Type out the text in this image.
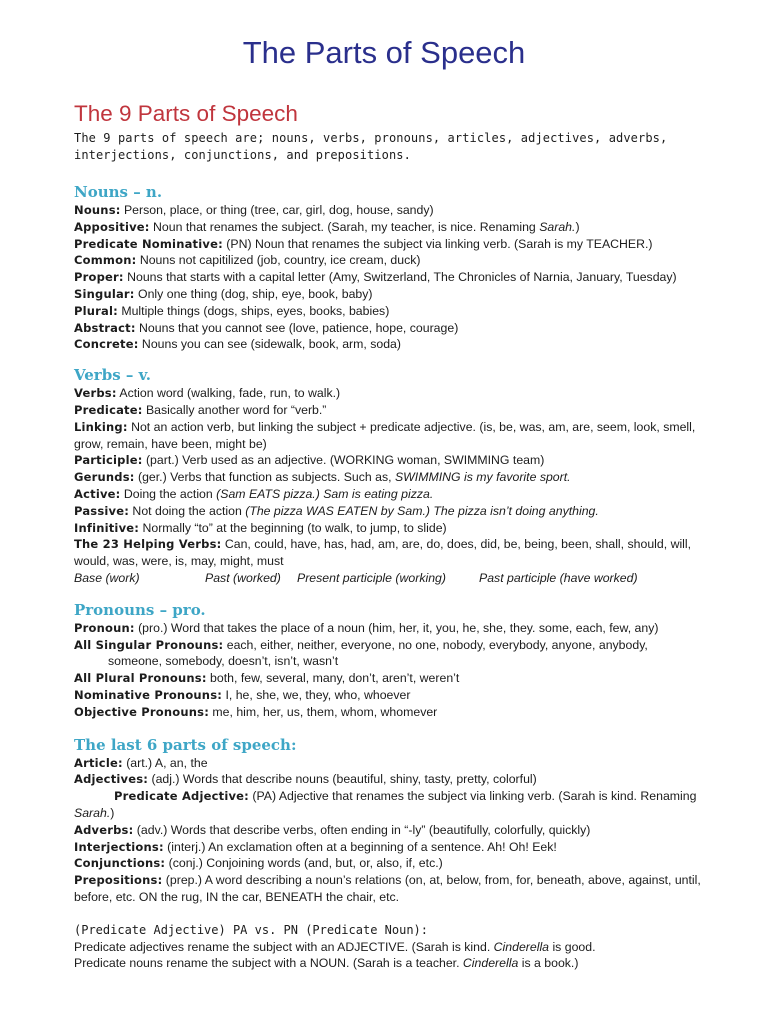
The Parts of Speech
The 9 Parts of Speech

The 9 parts of speech are; nouns, verbs, pronouns, articles, adjectives, adverbs, interjections, conjunctions, and prepositions.

Nouns – n.
Nouns: Person, place, or thing (tree, car, girl, dog, house, sandy)
Appositive: Noun that renames the subject. (Sarah, my teacher, is nice. Renaming Sarah.)
Predicate Nominative: (PN) Noun that renames the subject via linking verb. (Sarah is my TEACHER.)
Common: Nouns not capitilized (job, country, ice cream, duck)
Proper: Nouns that starts with a capital letter (Amy, Switzerland, The Chronicles of Narnia, January, Tuesday)
Singular: Only one thing (dog, ship, eye, book, baby)
Plural: Multiple things (dogs, ships, eyes, books, babies)
Abstract: Nouns that you cannot see (love, patience, hope, courage)
Concrete: Nouns you can see (sidewalk, book, arm, soda)
Verbs – v.
Verbs: Action word (walking, fade, run, to walk.)
Predicate: Basically another word for “verb.”
Linking: Not an action verb, but linking the subject + predicate adjective. (is, be, was, am, are, seem, look, smell, grow, remain, have been, might be)
Participle: (part.) Verb used as an adjective. (WORKING woman, SWIMMING team)
Gerunds: (ger.) Verbs that function as subjects. Such as, SWIMMING is my favorite sport.
Active: Doing the action (Sam EATS pizza.) Sam is eating pizza.
Passive: Not doing the action (The pizza WAS EATEN by Sam.) The pizza isn’t doing anything.
Infinitive: Normally “to” at the beginning (to walk, to jump, to slide)
The 23 Helping Verbs: Can, could, have, has, had, am, are, do, does, did, be, being, been, shall, should, will, would, was, were, is, may, might, must
Base (work)	Past (worked) Present participle (working)	Past participle (have worked)
Pronouns – pro.
Pronoun: (pro.) Word that takes the place of a noun (him, her, it, you, he, she, they. some, each, few, any)
All Singular Pronouns: each, either, neither, everyone, no one, nobody, everybody, anyone, anybody,
someone, somebody, doesn’t, isn’t, wasn’t
All Plural Pronouns: both, few, several, many, don’t, aren’t, weren’t
Nominative Pronouns: I, he, she, we, they, who, whoever
Objective Pronouns: me, him, her, us, them, whom, whomever
The last 6 parts of speech:
Article: (art.) A, an, the
Adjectives: (adj.) Words that describe nouns (beautiful, shiny, tasty, pretty, colorful)
Predicate Adjective: (PA) Adjective that renames the subject via linking verb. (Sarah is kind. Renaming Sarah.)
Adverbs: (adv.) Words that describe verbs, often ending in “-ly” (beautifully, colorfully, quickly)
Interjections: (interj.) An exclamation often at a beginning of a sentence. Ah! Oh! Eek!
Conjunctions: (conj.) Conjoining words (and, but, or, also, if, etc.)
Prepositions: (prep.) A word describing a noun’s relations (on, at, below, from, for, beneath, above, against, until, before, etc. ON the rug, IN the car, BENEATH the chair, etc.

(Predicate Adjective) PA vs. PN (Predicate Noun):

Predicate adjectives rename the subject with an ADJECTIVE. (Sarah is kind. Cinderella is good.
Predicate nouns rename the subject with a NOUN. (Sarah is a teacher. Cinderella is a book.)
